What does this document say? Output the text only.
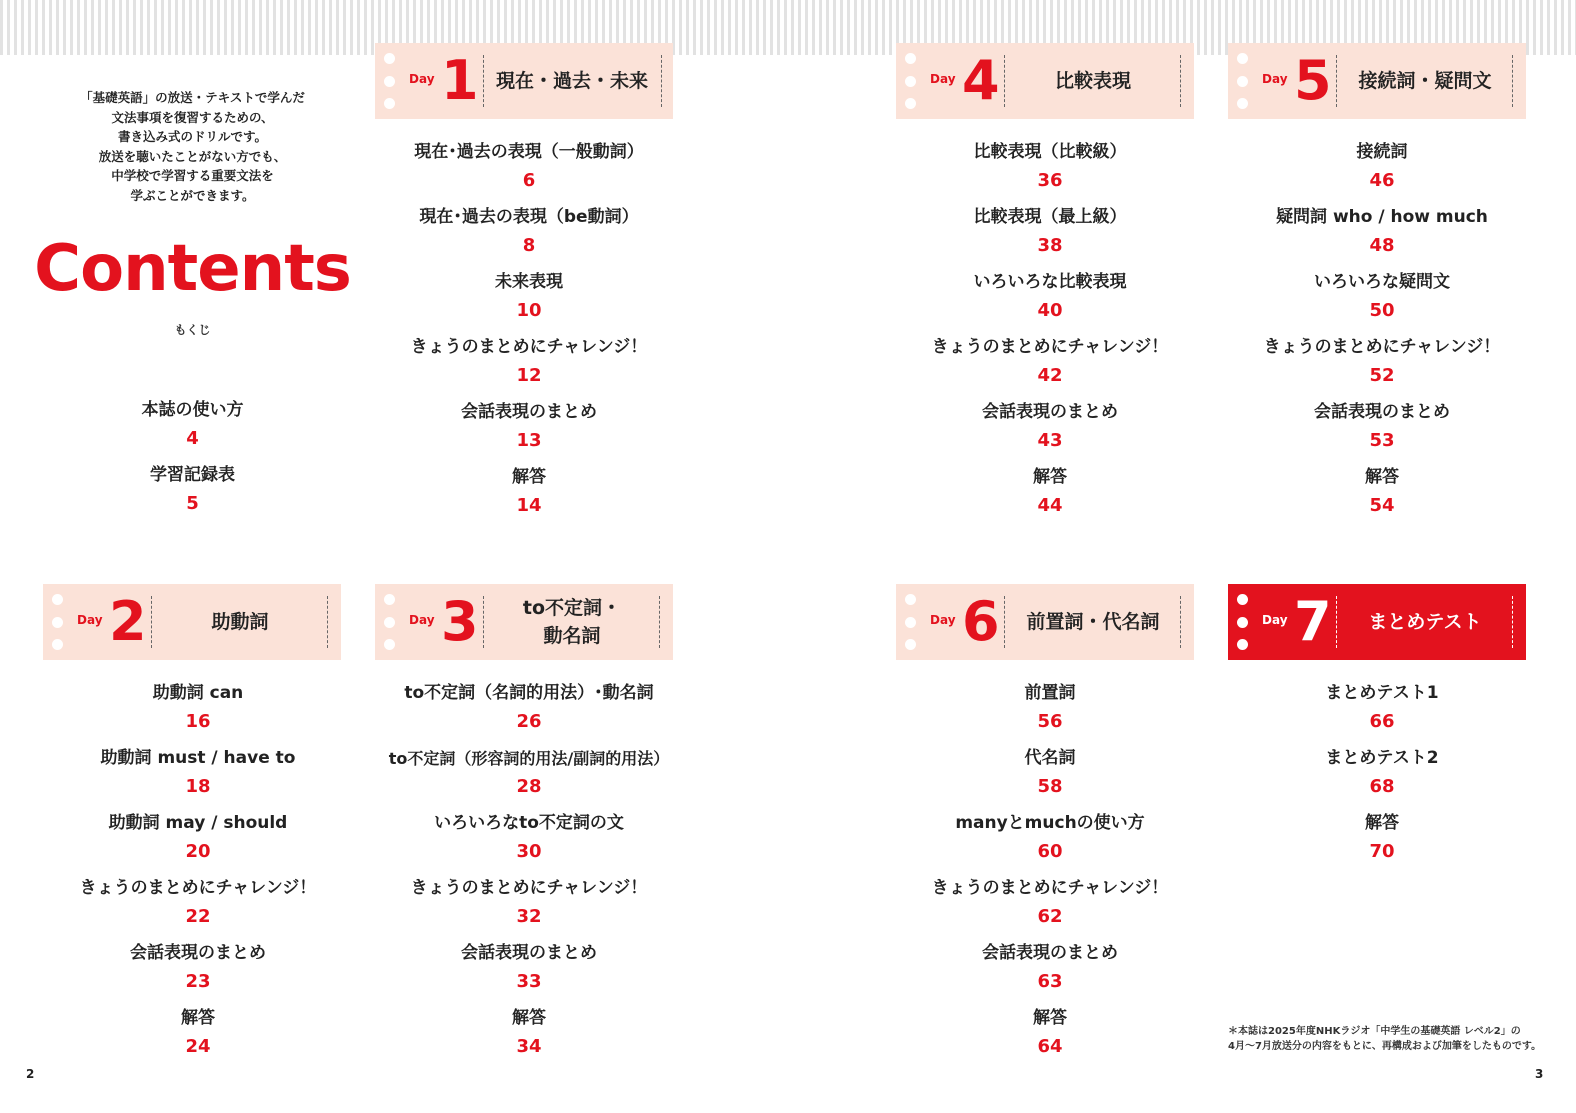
「基礎英語」の放送・テキストで学んだ
文法事項を復習するための、
書き込み式のドリルです。
放送を聴いたことがない方でも、
中学校で学習する重要文法を
学ぶことができます。

Contents
もくじ
本誌の使い方
4
学習記録表
5
Day 1 現在・過去・未来
現在･過去の表現（一般動詞）
6
現在･過去の表現（be動詞）
8
未来表現
10
きょうのまとめにチャレンジ！
12
会話表現のまとめ
13
解答
14
Day 2	助動詞
助動詞 can
16
助動詞 must / have to
18
助動詞 may / should
20
きょうのまとめにチャレンジ！
22
会話表現のまとめ
23
解答
24
Day 3 to不定詞・
動名詞
to不定詞（名詞的用法）･動名詞
26
to不定詞（形容詞的用法/副詞的用法）
28
いろいろなto不定詞の文
30
きょうのまとめにチャレンジ！
32
会話表現のまとめ
33
解答
34
Day 4	比較表現
比較表現（比較級）
36
比較表現（最上級）
38
いろいろな比較表現
40
きょうのまとめにチャレンジ！
42
会話表現のまとめ
43
解答
44
Day 5	接続詞・疑問文
接続詞
46
疑問詞 who / how much
48
いろいろな疑問文
50
きょうのまとめにチャレンジ！
52
会話表現のまとめ
53
解答
54
Day 6	前置詞・代名詞
前置詞
56
代名詞
58
manyとmuchの使い方
60
きょうのまとめにチャレンジ！
62
会話表現のまとめ
63
解答
64
Day 7	まとめテスト
まとめテスト1
66
まとめテスト2
68
解答
70

＊本誌は2025年度NHKラジオ「中学生の基礎英語 レベル2」の
4月～7月放送分の内容をもとに、再構成および加筆をしたものです。

2	3
